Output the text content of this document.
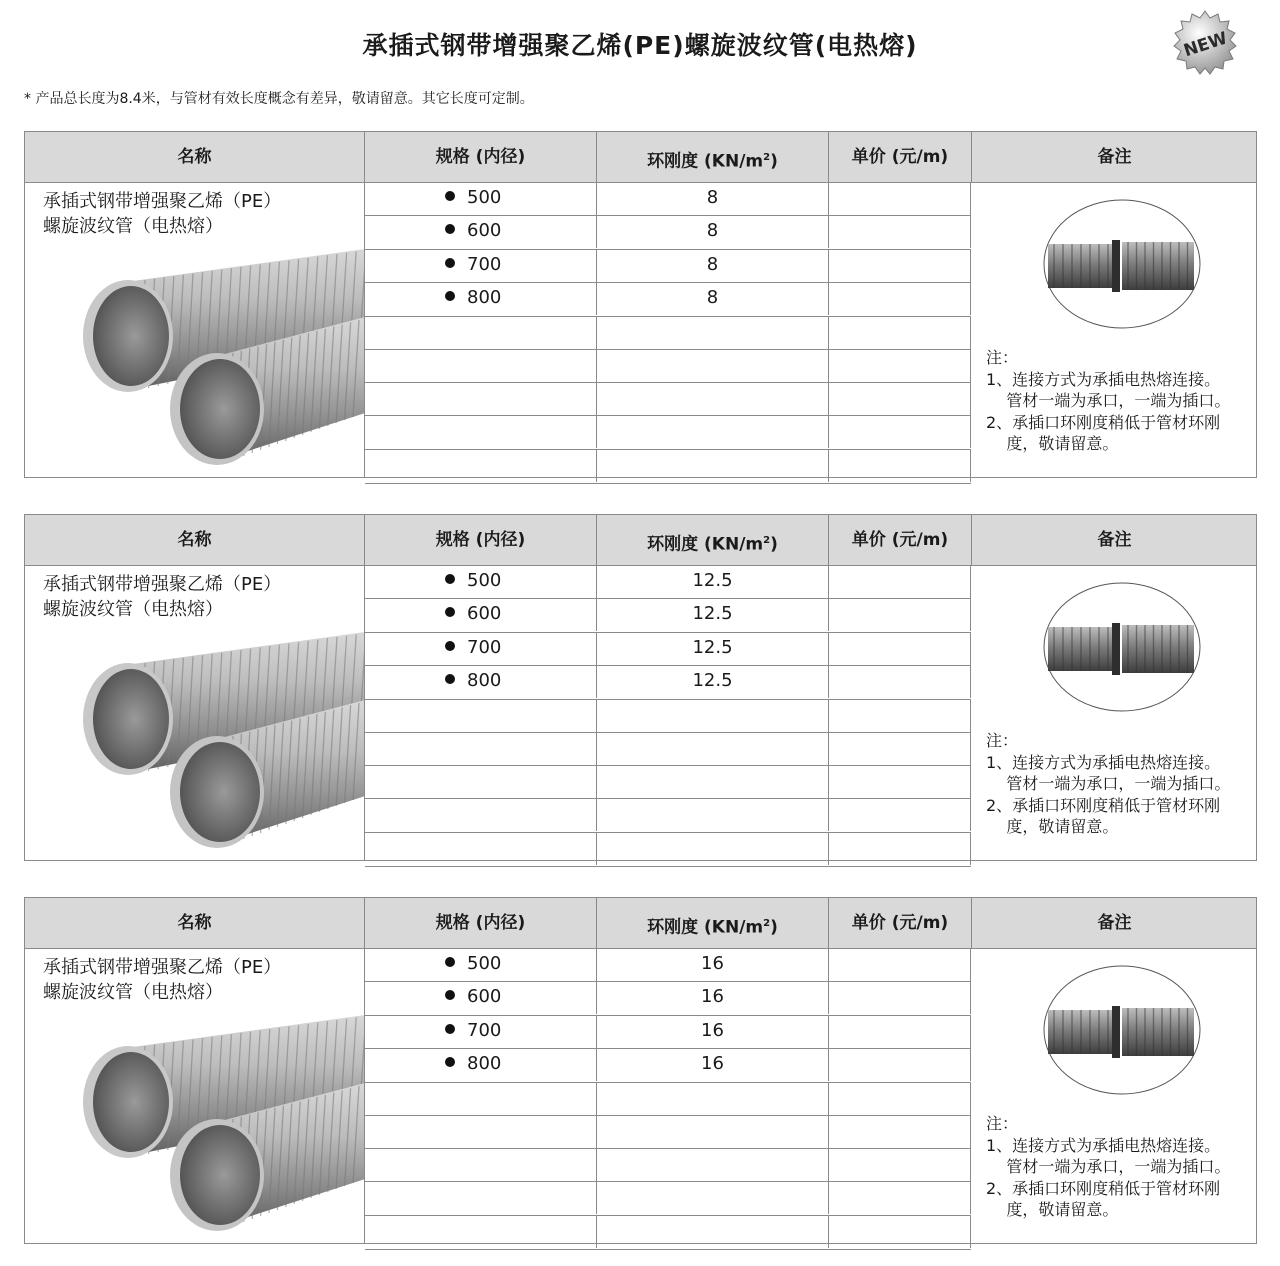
承插式钢带增强聚乙烯(PE)螺旋波纹管(电热熔)	NEW
* 产品总长度为8.4米，与管材有效长度概念有差异，敬请留意。其它长度可定制。
名称	规格 (内径)	环刚度 $(KN/m^2)$	单价 (元/m)	备注
承插式钢带增强聚乙烯（PE）
螺旋波纹管（电热熔）
500	8
600	8
700	8
800	8
注：
1、连接方式为承插电热熔连接。
管材一端为承口，一端为插口。
2、承插口环刚度稍低于管材环刚
度，敬请留意。
名称	规格 (内径)	环刚度 $(KN/m^2)$	单价 (元/m)	备注
承插式钢带增强聚乙烯（PE）
螺旋波纹管（电热熔）
500	12.5
600	12.5
700	12.5
800	12.5
注：
1、连接方式为承插电热熔连接。
管材一端为承口，一端为插口。
2、承插口环刚度稍低于管材环刚
度，敬请留意。
名称	规格 (内径)	环刚度 $(KN/m^2)$	单价 (元/m)	备注
承插式钢带增强聚乙烯（PE）
螺旋波纹管（电热熔）
500	16
600	16
700	16
800	16
注：
1、连接方式为承插电热熔连接。
管材一端为承口，一端为插口。
2、承插口环刚度稍低于管材环刚
度，敬请留意。
